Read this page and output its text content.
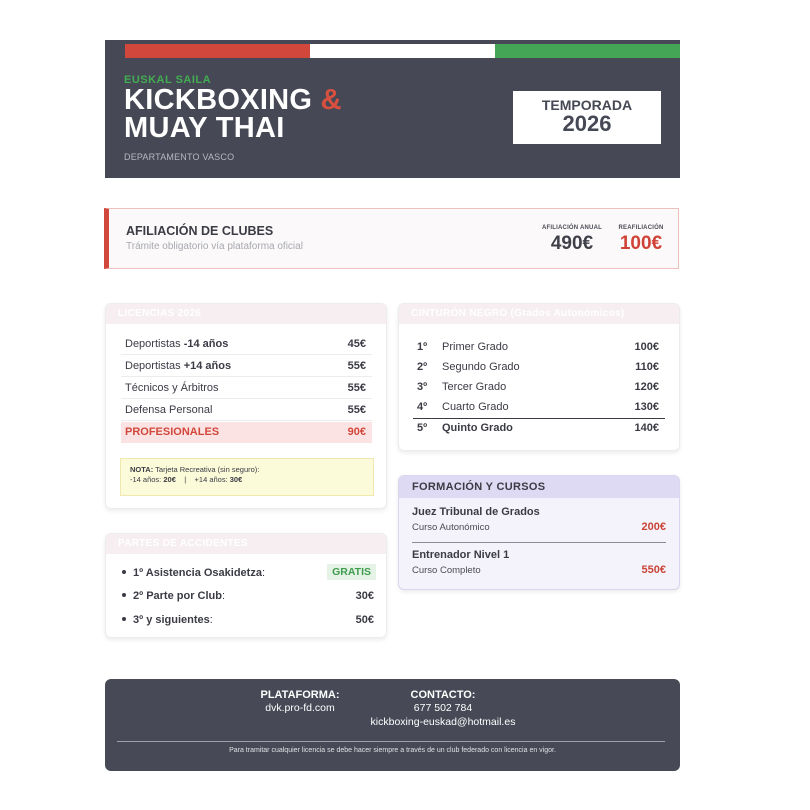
EUSKAL SAILA
KICKBOXING &
MUAY THAI
DEPARTAMENTO VASCO
TEMPORADA
2026
AFILIACIÓN DE CLUBES
Trámite obligatorio vía plataforma oficial
AFILIACIÓN ANUAL
490€
REAFILIACIÓN
100€
LICENCIAS 2026
Deportistas -14 años	45€
Deportistas +14 años	55€
Técnicos y Árbitros	55€
Defensa Personal	55€
PROFESIONALES	90€
NOTA: Tarjeta Recreativa (sin seguro):
-14 años: 20€ | +14 años: 30€
PARTES DE ACCIDENTES
1º Asistencia Osakidetza:	GRATIS
2º Parte por Club:	30€
3º y siguientes:	50€
CINTURÓN NEGRO (Grados Autonómicos)
1º Primer Grado	100€
2º Segundo Grado	110€
3º Tercer Grado	120€
4º Cuarto Grado	130€
5º Quinto Grado	140€
FORMACIÓN Y CURSOS
Juez Tribunal de Grados
Curso Autonómico	200€
Entrenador Nivel 1
Curso Completo	550€
PLATAFORMA:
dvk.pro-fd.com
CONTACTO:
677 502 784
kickboxing-euskad@hotmail.es
Para tramitar cualquier licencia se debe hacer siempre a través de un club federado con licencia en vigor.
